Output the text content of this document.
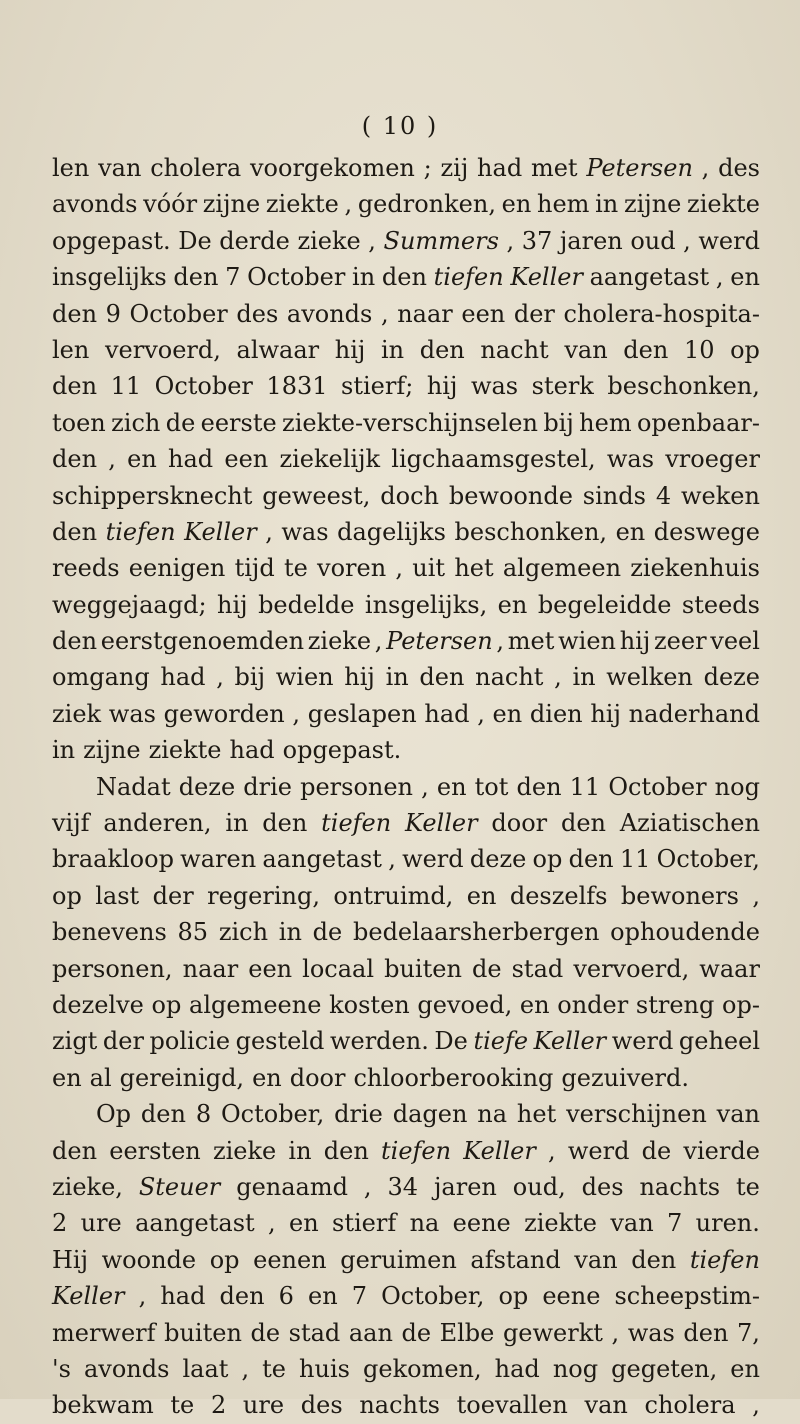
( 10 )
len van cholera voorgekomen ; zij had met Petersen , des
avonds vóór zijne ziekte , gedronken, en hem in zijne ziekte
opgepast. De derde zieke , Summers , 37 jaren oud , werd
insgelijks den 7 October in den tiefen Keller aangetast , en
den 9 October des avonds , naar een der cholera-hospita-
len vervoerd, alwaar hij in den nacht van den 10 op
den 11 October 1831 stierf; hij was sterk beschonken,
toen zich de eerste ziekte-verschijnselen bij hem openbaar-
den , en had een ziekelijk ligchaamsgestel, was vroeger
schippersknecht geweest, doch bewoonde sinds 4 weken
den tiefen Keller , was dagelijks beschonken, en deswege
reeds eenigen tijd te voren , uit het algemeen ziekenhuis
weggejaagd; hij bedelde insgelijks, en begeleidde steeds
den eerstgenoemden zieke , Petersen , met wien hij zeer veel
omgang had , bij wien hij in den nacht , in welken deze
ziek was geworden , geslapen had , en dien hij naderhand
in zijne ziekte had opgepast.
Nadat deze drie personen , en tot den 11 October nog
vijf anderen, in den tiefen Keller door den Aziatischen
braakloop waren aangetast , werd deze op den 11 October,
op last der regering, ontruimd, en deszelfs bewoners ,
benevens 85 zich in de bedelaarsherbergen ophoudende
personen, naar een locaal buiten de stad vervoerd, waar
dezelve op algemeene kosten gevoed, en onder streng op-
zigt der policie gesteld werden. De tiefe Keller werd geheel
en al gereinigd, en door chloorberooking gezuiverd.
Op den 8 October, drie dagen na het verschijnen van
den eersten zieke in den tiefen Keller , werd de vierde
zieke, Steuer genaamd , 34 jaren oud, des nachts te
2 ure aangetast , en stierf na eene ziekte van 7 uren.
Hij woonde op eenen geruimen afstand van den tiefen
Keller , had den 6 en 7 October, op eene scheepstim-
merwerf buiten de stad aan de Elbe gewerkt , was den 7,
's avonds laat , te huis gekomen, had nog gegeten, en
bekwam te 2 ure des nachts toevallen van cholera ,
